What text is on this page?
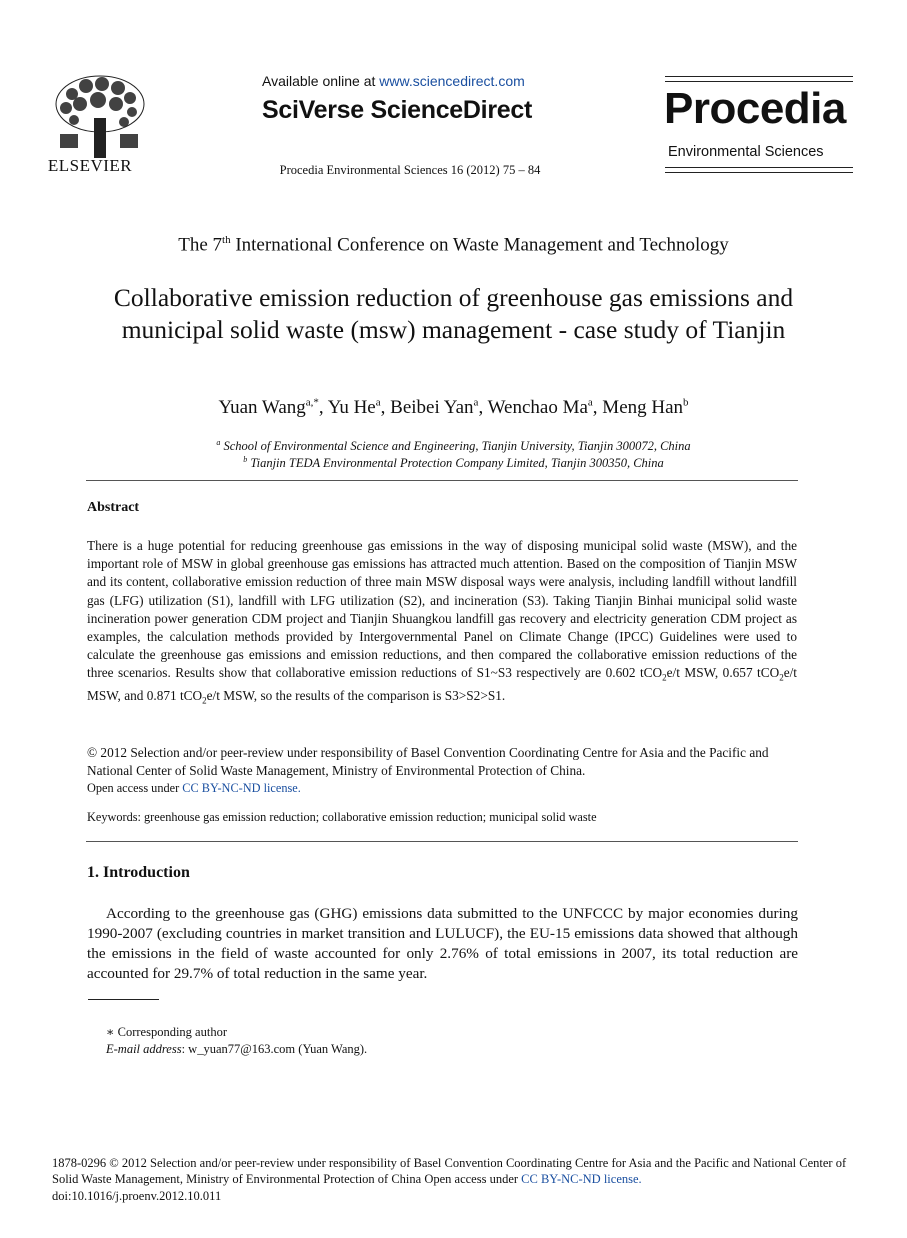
ELSEVIER
Available online at www.sciencedirect.com
SciVerse ScienceDirect
Procedia Environmental Sciences 16 (2012) 75 – 84
Procedia
Environmental Sciences
The 7th International Conference on Waste Management and Technology
Collaborative emission reduction of greenhouse gas emissions and municipal solid waste (msw) management - case study of Tianjin
Yuan Wang$^{a,*}$, Yu He$^a$, Beibei Yan$^a$, Wenchao Ma$^a$, Meng Han$^b$
$^a$ School of Environmental Science and Engineering, Tianjin University, Tianjin 300072, China
$^b$ Tianjin TEDA Environmental Protection Company Limited, Tianjin 300350, China
Abstract
There is a huge potential for reducing greenhouse gas emissions in the way of disposing municipal solid waste (MSW), and the important role of MSW in global greenhouse gas emissions has attracted much attention. Based on the composition of Tianjin MSW and its content, collaborative emission reduction of three main MSW disposal ways were analysis, including landfill without landfill gas (LFG) utilization (S1), landfill with LFG utilization (S2), and incineration (S3). Taking Tianjin Binhai municipal solid waste incineration power generation CDM project and Tianjin Shuangkou landfill gas recovery and electricity generation CDM project as examples, the calculation methods provided by Intergovernmental Panel on Climate Change (IPCC) Guidelines were used to calculate the greenhouse gas emissions and emission reductions, and then compared the collaborative emission reductions of the three scenarios. Results show that collaborative emission reductions of S1~S3 respectively are 0.602 tCO$_2$e/t MSW, 0.657 tCO$_2$e/t MSW, and 0.871 tCO$_2$e/t MSW, so the results of the comparison is S3>S2>S1.
© 2012 Selection and/or peer-review under responsibility of Basel Convention Coordinating Centre for Asia and the Pacific and National Center of Solid Waste Management, Ministry of Environmental Protection of China.
Open access under CC BY-NC-ND license.
Keywords: greenhouse gas emission reduction; collaborative emission reduction; municipal solid waste
1. Introduction
According to the greenhouse gas (GHG) emissions data submitted to the UNFCCC by major economies during 1990-2007 (excluding countries in market transition and LULUCF), the EU-15 emissions data showed that although the emissions in the field of waste accounted for only 2.76% of total emissions in 2007, its total reduction are accounted for 29.7% of total reduction in the same year.
∗ Corresponding author
E-mail address: w_yuan77@163.com (Yuan Wang).
1878-0296 © 2012 Selection and/or peer-review under responsibility of Basel Convention Coordinating Centre for Asia and the Pacific and National Center of Solid Waste Management, Ministry of Environmental Protection of China Open access under CC BY-NC-ND license.
doi:10.1016/j.proenv.2012.10.011
